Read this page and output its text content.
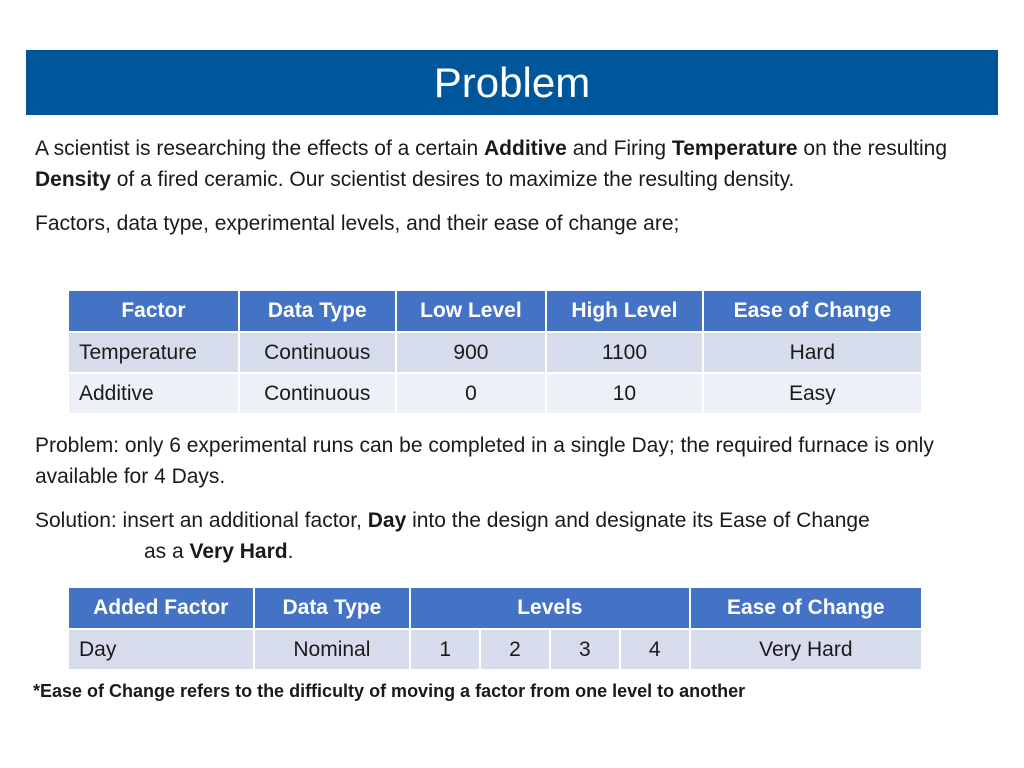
Problem

A scientist is researching the effects of a certain Additive and Firing Temperature on the resulting Density of a fired ceramic. Our scientist desires to maximize the resulting density.

Factors, data type, experimental levels, and their ease of change are;

Factor	Data Type	Low Level	High Level	Ease of Change
Temperature	Continuous	900	1100	Hard
Additive	Continuous	0	10	Easy

Problem: only 6 experimental runs can be completed in a single Day; the required furnace is only available for 4 Days.

Solution: insert an additional factor, Day into the design and designate its Ease of Change
as a Very Hard.

Added Factor	Data Type	Levels				Ease of Change
Day	Nominal	1	2	3	4	Very Hard

*Ease of Change refers to the difficulty of moving a factor from one level to another
